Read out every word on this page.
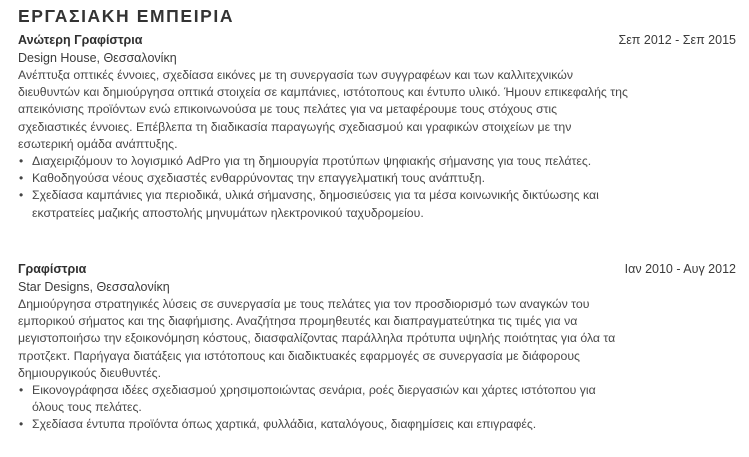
ΕΡΓΑΣΙΑΚΗ ΕΜΠΕΙΡΙΑ
Ανώτερη Γραφίστρια	Σεπ 2012 - Σεπ 2015
Design House, Θεσσαλονίκη

Ανέπτυξα οπτικές έννοιες, σχεδίασα εικόνες με τη συνεργασία των συγγραφέων και των καλλιτεχνικών διευθυντών και δημιούργησα οπτικά στοιχεία σε καμπάνιες, ιστότοπους και έντυπο υλικό. Ήμουν επικεφαλής της απεικόνισης προϊόντων ενώ επικοινωνούσα με τους πελάτες για να μεταφέρουμε τους στόχους στις σχεδιαστικές έννοιες. Επέβλεπα τη διαδικασία παραγωγής σχεδιασμού και γραφικών στοιχείων με την εσωτερική ομάδα ανάπτυξης.

• Διαχειριζόμουν το λογισμικό AdPro για τη δημιουργία προτύπων ψηφιακής σήμανσης για τους πελάτες.
• Καθοδηγούσα νέους σχεδιαστές ενθαρρύνοντας την επαγγελματική τους ανάπτυξη.
• Σχεδίασα καμπάνιες για περιοδικά, υλικά σήμανσης, δημοσιεύσεις για τα μέσα κοινωνικής δικτύωσης και εκστρατείες μαζικής αποστολής μηνυμάτων ηλεκτρονικού ταχυδρομείου.
Γραφίστρια	Ιαν 2010 - Αυγ 2012
Star Designs, Θεσσαλονίκη

Δημιούργησα στρατηγικές λύσεις σε συνεργασία με τους πελάτες για τον προσδιορισμό των αναγκών του εμπορικού σήματος και της διαφήμισης. Αναζήτησα προμηθευτές και διαπραγματεύτηκα τις τιμές για να μεγιστοποιήσω την εξοικονόμηση κόστους, διασφαλίζοντας παράλληλα πρότυπα υψηλής ποιότητας για όλα τα προτζεκτ. Παρήγαγα διατάξεις για ιστότοπους και διαδικτυακές εφαρμογές σε συνεργασία με διάφορους δημιουργικούς διευθυντές.

• Εικονογράφησα ιδέες σχεδιασμού χρησιμοποιώντας σενάρια, ροές διεργασιών και χάρτες ιστότοπου για όλους τους πελάτες.
• Σχεδίασα έντυπα προϊόντα όπως χαρτικά, φυλλάδια, καταλόγους, διαφημίσεις και επιγραφές.
